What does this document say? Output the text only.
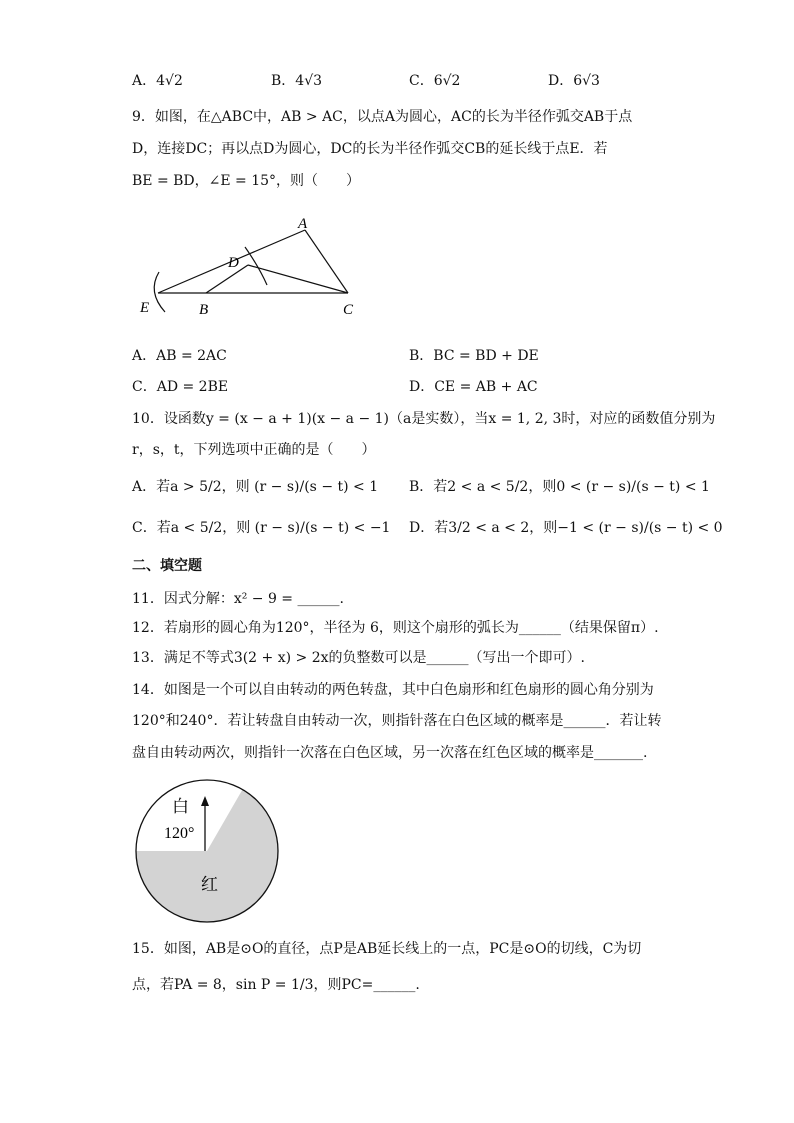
A．4√2	B．4√3	C．6√2	D．6√3
9．如图，在△ABC中，AB > AC，以点A为圆心，AC的长为半径作弧交AB于点
D，连接DC；再以点D为圆心，DC的长为半径作弧交CB的延长线于点E．若
BE = BD，∠E = 15°，则（　　）
A
D
E	B	C
A．AB = 2AC	B．BC = BD + DE
C．AD = 2BE	D．CE = AB + AC
10．设函数y = (x − a + 1)(x − a − 1)（a是实数），当x = 1, 2, 3时，对应的函数值分别为
r，s，t，下列选项中正确的是（　　）
A．若a > 5/2，则 (r − s)/(s − t) < 1 B．若2 < a < 5/2，则0 < (r − s)/(s − t) < 1
C．若a < 5/2，则 (r − s)/(s − t) < −1 D．若3/2 < a < 2，则−1 < (r − s)/(s − t) < 0
二、填空题
11．因式分解：x² − 9 = ______.
12．若扇形的圆心角为120°，半径为 6，则这个扇形的弧长为______（结果保留π）.
13．满足不等式3(2 + x) > 2x的负整数可以是______（写出一个即可）.
14．如图是一个可以自由转动的两色转盘，其中白色扇形和红色扇形的圆心角分别为
120°和240°．若让转盘自由转动一次，则指针落在白色区域的概率是______．若让转
盘自由转动两次，则指针一次落在白色区域，另一次落在红色区域的概率是_______.
白
120°
红
15．如图，AB是⊙O的直径，点P是AB延长线上的一点，PC是⊙O的切线，C为切
点，若PA = 8，sin P = 1/3，则PC=______.
